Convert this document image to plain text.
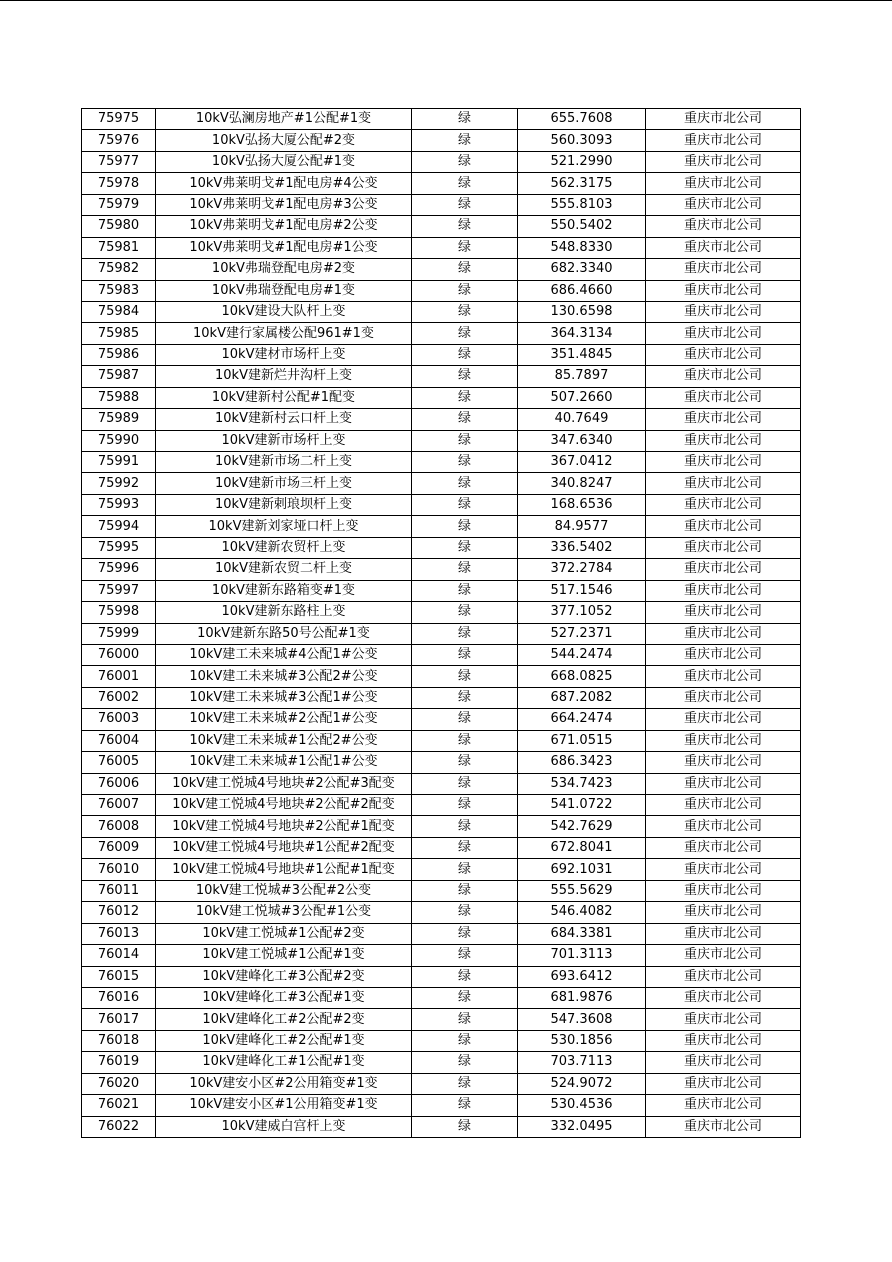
75975	10kV弘澜房地产#1公配#1变	绿	655.7608	重庆市北公司
75976	10kV弘扬大厦公配#2变	绿	560.3093	重庆市北公司
75977	10kV弘扬大厦公配#1变	绿	521.2990	重庆市北公司
75978	10kV弗莱明戈#1配电房#4公变	绿	562.3175	重庆市北公司
75979	10kV弗莱明戈#1配电房#3公变	绿	555.8103	重庆市北公司
75980	10kV弗莱明戈#1配电房#2公变	绿	550.5402	重庆市北公司
75981	10kV弗莱明戈#1配电房#1公变	绿	548.8330	重庆市北公司
75982	10kV弗瑞登配电房#2变	绿	682.3340	重庆市北公司
75983	10kV弗瑞登配电房#1变	绿	686.4660	重庆市北公司
75984	10kV建设大队杆上变	绿	130.6598	重庆市北公司
75985	10kV建行家属楼公配961#1变	绿	364.3134	重庆市北公司
75986	10kV建材市场杆上变	绿	351.4845	重庆市北公司
75987	10kV建新烂井沟杆上变	绿	85.7897	重庆市北公司
75988	10kV建新村公配#1配变	绿	507.2660	重庆市北公司
75989	10kV建新村云口杆上变	绿	40.7649	重庆市北公司
75990	10kV建新市场杆上变	绿	347.6340	重庆市北公司
75991	10kV建新市场二杆上变	绿	367.0412	重庆市北公司
75992	10kV建新市场三杆上变	绿	340.8247	重庆市北公司
75993	10kV建新剌琅坝杆上变	绿	168.6536	重庆市北公司
75994	10kV建新刘家垭口杆上变	绿	84.9577	重庆市北公司
75995	10kV建新农贸杆上变	绿	336.5402	重庆市北公司
75996	10kV建新农贸二杆上变	绿	372.2784	重庆市北公司
75997	10kV建新东路箱变#1变	绿	517.1546	重庆市北公司
75998	10kV建新东路柱上变	绿	377.1052	重庆市北公司
75999	10kV建新东路50号公配#1变	绿	527.2371	重庆市北公司
76000	10kV建工未来城#4公配1#公变	绿	544.2474	重庆市北公司
76001	10kV建工未来城#3公配2#公变	绿	668.0825	重庆市北公司
76002	10kV建工未来城#3公配1#公变	绿	687.2082	重庆市北公司
76003	10kV建工未来城#2公配1#公变	绿	664.2474	重庆市北公司
76004	10kV建工未来城#1公配2#公变	绿	671.0515	重庆市北公司
76005	10kV建工未来城#1公配1#公变	绿	686.3423	重庆市北公司
76006	10kV建工悦城4号地块#2公配#3配变	绿	534.7423	重庆市北公司
76007	10kV建工悦城4号地块#2公配#2配变	绿	541.0722	重庆市北公司
76008	10kV建工悦城4号地块#2公配#1配变	绿	542.7629	重庆市北公司
76009	10kV建工悦城4号地块#1公配#2配变	绿	672.8041	重庆市北公司
76010	10kV建工悦城4号地块#1公配#1配变	绿	692.1031	重庆市北公司
76011	10kV建工悦城#3公配#2公变	绿	555.5629	重庆市北公司
76012	10kV建工悦城#3公配#1公变	绿	546.4082	重庆市北公司
76013	10kV建工悦城#1公配#2变	绿	684.3381	重庆市北公司
76014	10kV建工悦城#1公配#1变	绿	701.3113	重庆市北公司
76015	10kV建峰化工#3公配#2变	绿	693.6412	重庆市北公司
76016	10kV建峰化工#3公配#1变	绿	681.9876	重庆市北公司
76017	10kV建峰化工#2公配#2变	绿	547.3608	重庆市北公司
76018	10kV建峰化工#2公配#1变	绿	530.1856	重庆市北公司
76019	10kV建峰化工#1公配#1变	绿	703.7113	重庆市北公司
76020	10kV建安小区#2公用箱变#1变	绿	524.9072	重庆市北公司
76021	10kV建安小区#1公用箱变#1变	绿	530.4536	重庆市北公司
76022	10kV建威白宫杆上变	绿	332.0495	重庆市北公司
